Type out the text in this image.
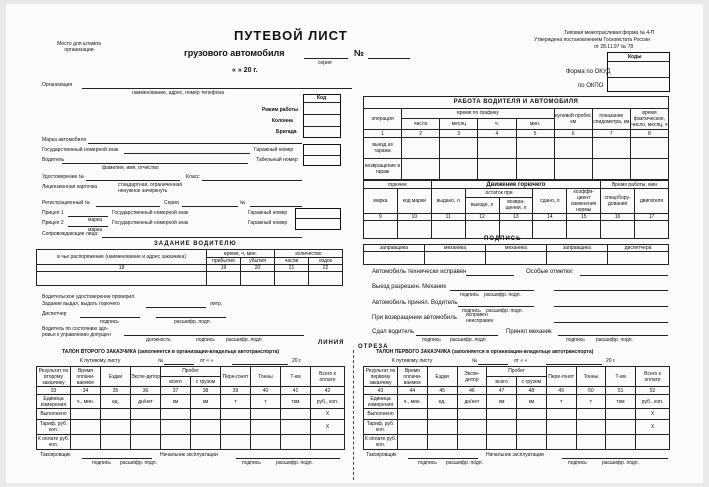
Место для штампа организации
ПУТЕВОЙ ЛИСТ
грузового автомобиля
серия
№
« » 20 г.
Типовая межотраслевая форма № 4-П
Утверждена постановлением Госкомстата России
от 28.11.97 № 78
Коды
Форма по ОКУД
по ОКПО
Организация
наименование, адрес, номер телефона
Код
Режим работы
Колонна
Бригада
Марка автомобиля
Государственный номерной знак	Гаражный номер
Водитель
фамилия, имя, отчество
Табельный номер
Удостоверение №	Класс
Лицензионная карточка	стандартная, ограниченная
ненужное зачеркнуть
Регистрационный №	Серия	№
Прицеп 1
марка
Государственный номерной знак	Гаражный номер
Прицеп 2
марка
Государственный номерной знак	Гаражный номер
Сопровождающие лица:
ЗАДАНИЕ ВОДИТЕЛЮ
в чье распоряжение (наименование и адрес заказчика)	время, ч, мин.		количество	
	прибытия	убытия	часов	ездок
18	19	20	21	22

Водительское удостоверение проверил.
Задание выдал, выдать горючего	литр.
Диспетчер
подпись	расшифр. подп.
Водитель по состоянию здо-ровья к управлению допущен
должность	подпись расшифр. подп.
РАБОТА ВОДИТЕЛЯ И АВТОМОБИЛЯ							
операция	время по графику				нулевой пробег, км	показание спидометра, км	время фактическое, число, месяц, ч
	число	месяц	ч.	мин.			
1	2	3	4	5	6	7	8
выезд из гаража							
возвращение в гараж							
горючее		Движение горючего					Время работы, мин	
марка	код марки	выдано, л	остаток при		сдано, л	коэффи-циент изменения нормы	спецобору-дования	двигателя
			выезде, л	возвра-щении, л				
9	10	11	12	13	14	15	16	17

ПОДПИСЬ
заправщика	механика	механика	заправщика	диспетчера

Автомобиль технически исправен	Особые отметки:
Выезд разрешен. Механик
подпись расшифр. подп.
Автомобиль принял. Водитель
подпись расшифр. подп.
При возвращении автомобиль исправен
неисправен
Сдал водитель
подпись расшифр. подп.
Принял механик
подпись расшифр. подп.
ЛИНИЯ
ОТРЕЗА
ТАЛОН ВТОРОГО ЗАКАЗЧИКА (заполняется в организации-владельце автотранспорта)
К путевому листу	№	от « »	20 г.
Результат по второму заказчику	Время оплачи-ваемое	Ездки	Экспе-дитор	Пробег		Пере-гонят	Тонны	Т-км	Всего к оплате
				всего	с грузом				
33	34	35	36	37	38	39	40	41	42
Единица измерения	ч., мин.	ед.	дн/нет	км	км	т	т	ткм	руб., коп.
Выполнено									X
Тариф, руб. коп.									X
К оплате руб. коп.									
Таксировщик
подпись расшифр. подп.
Начальник эксплуатации
подпись	расшифр. подп.
ТАЛОН ПЕРВОГО ЗАКАЗЧИКА (заполняется в организации-владельце автотранспорта)
К путевому листу	№	от « »	20 г.
Результат по первому заказчику	Время оплачи-ваемое	Ездки	Экспе-дитор	Пробег		Пере-гонят	Тонны	Т-км	Всего к оплате
				всего	с грузом				
43	44	45	46	47	48	49	50	51	52
Единица измерения	ч., мин.	ед.	дн/нет	км	км	т	т	ткм	руб., коп.
Выполнено									X
Тариф, руб. коп.									X
К оплате руб. коп.									
Таксировщик
подпись расшифр. подп.
Начальник эксплуатации
подпись	расшифр. подп.
